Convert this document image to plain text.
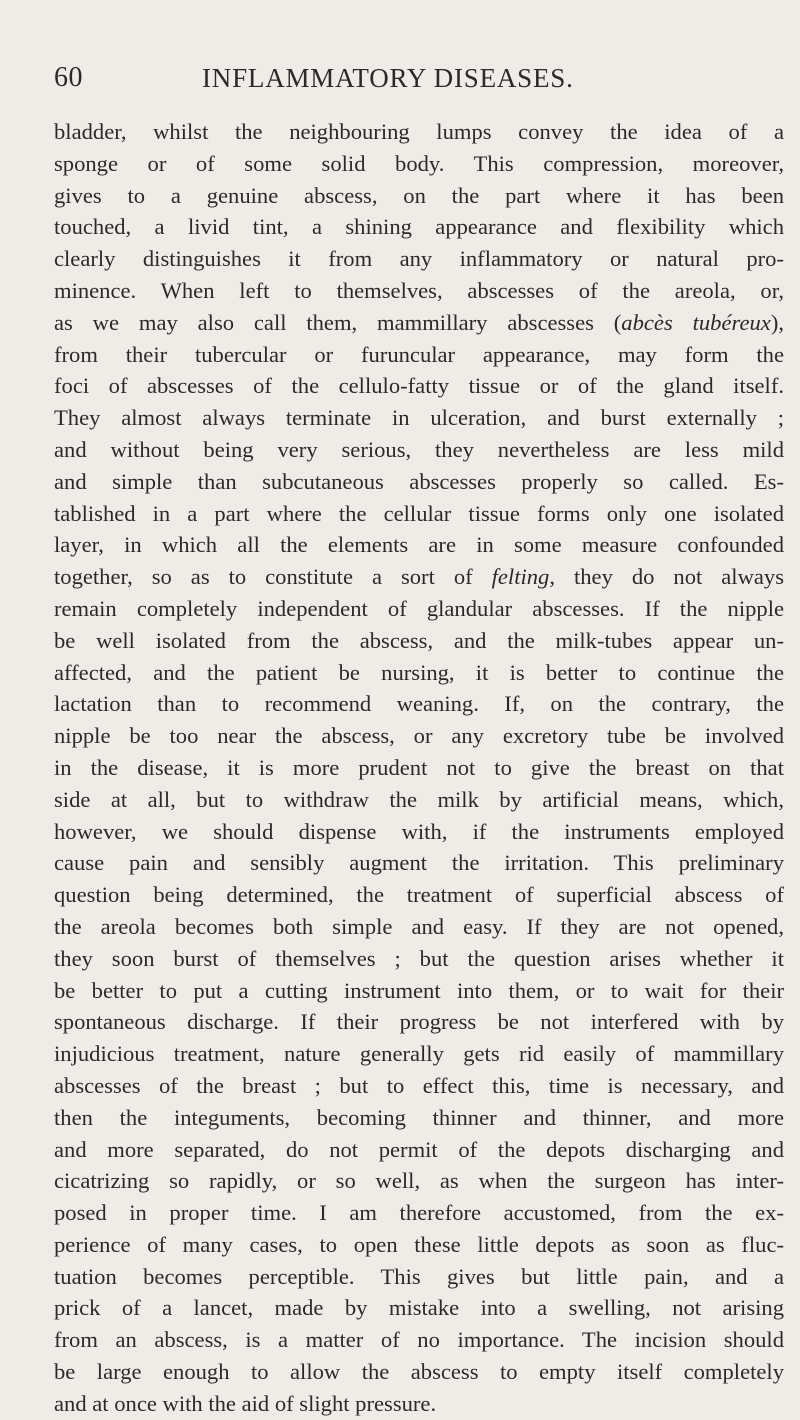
60	INFLAMMATORY DISEASES.
bladder, whilst the neighbouring lumps convey the idea of a
sponge or of some solid body. This compression, moreover,
gives to a genuine abscess, on the part where it has been
touched, a livid tint, a shining appearance and flexibility which
clearly distinguishes it from any inflammatory or natural pro-
minence. When left to themselves, abscesses of the areola, or,
as we may also call them, mammillary abscesses (abcès tubéreux),
from their tubercular or furuncular appearance, may form the
foci of abscesses of the cellulo-fatty tissue or of the gland itself.
They almost always terminate in ulceration, and burst externally ;
and without being very serious, they nevertheless are less mild
and simple than subcutaneous abscesses properly so called. Es-
tablished in a part where the cellular tissue forms only one isolated
layer, in which all the elements are in some measure confounded
together, so as to constitute a sort of felting, they do not always
remain completely independent of glandular abscesses. If the nipple
be well isolated from the abscess, and the milk-tubes appear un-
affected, and the patient be nursing, it is better to continue the
lactation than to recommend weaning. If, on the contrary, the
nipple be too near the abscess, or any excretory tube be involved
in the disease, it is more prudent not to give the breast on that
side at all, but to withdraw the milk by artificial means, which,
however, we should dispense with, if the instruments employed
cause pain and sensibly augment the irritation. This preliminary
question being determined, the treatment of superficial abscess of
the areola becomes both simple and easy. If they are not opened,
they soon burst of themselves ; but the question arises whether it
be better to put a cutting instrument into them, or to wait for their
spontaneous discharge. If their progress be not interfered with by
injudicious treatment, nature generally gets rid easily of mammillary
abscesses of the breast ; but to effect this, time is necessary, and
then the integuments, becoming thinner and thinner, and more
and more separated, do not permit of the depots discharging and
cicatrizing so rapidly, or so well, as when the surgeon has inter-
posed in proper time. I am therefore accustomed, from the ex-
perience of many cases, to open these little depots as soon as fluc-
tuation becomes perceptible. This gives but little pain, and a
prick of a lancet, made by mistake into a swelling, not arising
from an abscess, is a matter of no importance. The incision should
be large enough to allow the abscess to empty itself completely
and at once with the aid of slight pressure.
